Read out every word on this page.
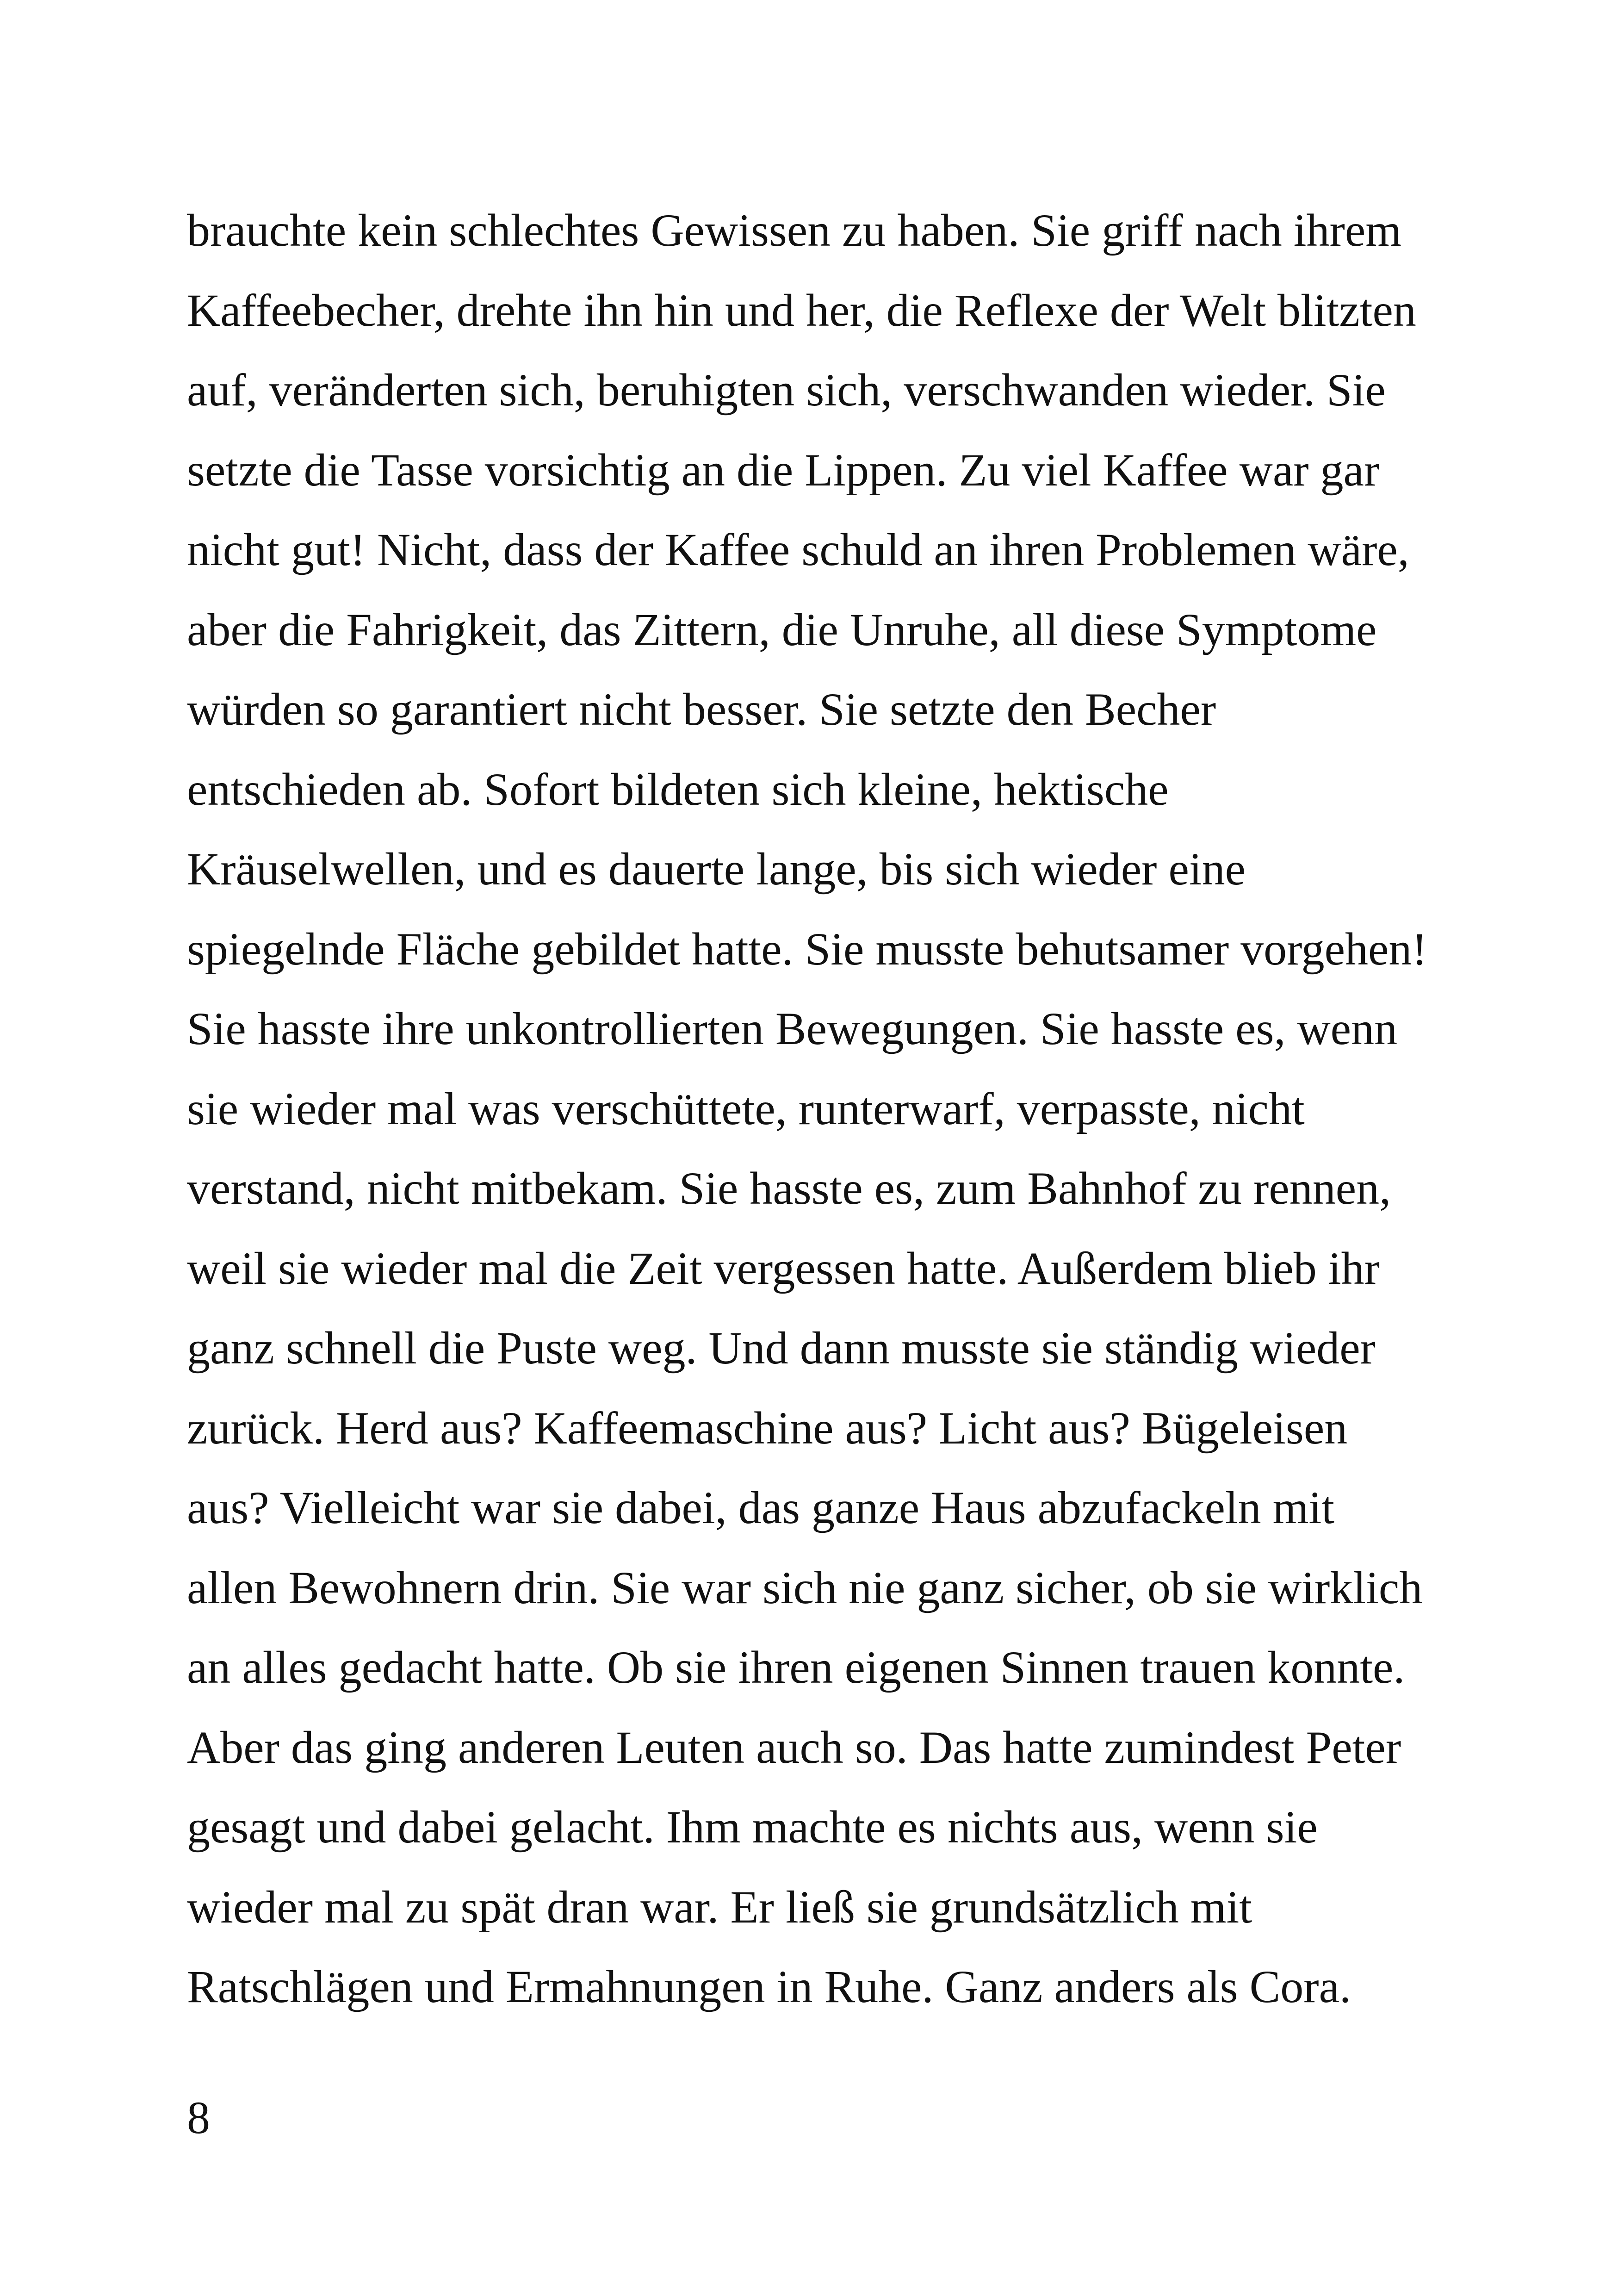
brauchte kein schlechtes Gewissen zu haben. Sie griff nach ihrem
Kaffeebecher, drehte ihn hin und her, die Reflexe der Welt blitzten
auf, veränderten sich, beruhigten sich, verschwanden wieder. Sie
setzte die Tasse vorsichtig an die Lippen. Zu viel Kaffee war gar
nicht gut! Nicht, dass der Kaffee schuld an ihren Problemen wäre,
aber die Fahrigkeit, das Zittern, die Unruhe, all diese Symptome
würden so garantiert nicht besser. Sie setzte den Becher
entschieden ab. Sofort bildeten sich kleine, hektische
Kräuselwellen, und es dauerte lange, bis sich wieder eine
spiegelnde Fläche gebildet hatte. Sie musste behutsamer vorgehen!
Sie hasste ihre unkontrollierten Bewegungen. Sie hasste es, wenn
sie wieder mal was verschüttete, runterwarf, verpasste, nicht
verstand, nicht mitbekam. Sie hasste es, zum Bahnhof zu rennen,
weil sie wieder mal die Zeit vergessen hatte. Außerdem blieb ihr
ganz schnell die Puste weg. Und dann musste sie ständig wieder
zurück. Herd aus? Kaffeemaschine aus? Licht aus? Bügeleisen
aus? Vielleicht war sie dabei, das ganze Haus abzufackeln mit
allen Bewohnern drin. Sie war sich nie ganz sicher, ob sie wirklich
an alles gedacht hatte. Ob sie ihren eigenen Sinnen trauen konnte.
Aber das ging anderen Leuten auch so. Das hatte zumindest Peter
gesagt und dabei gelacht. Ihm machte es nichts aus, wenn sie
wieder mal zu spät dran war. Er ließ sie grundsätzlich mit
Ratschlägen und Ermahnungen in Ruhe. Ganz anders als Cora.
8
